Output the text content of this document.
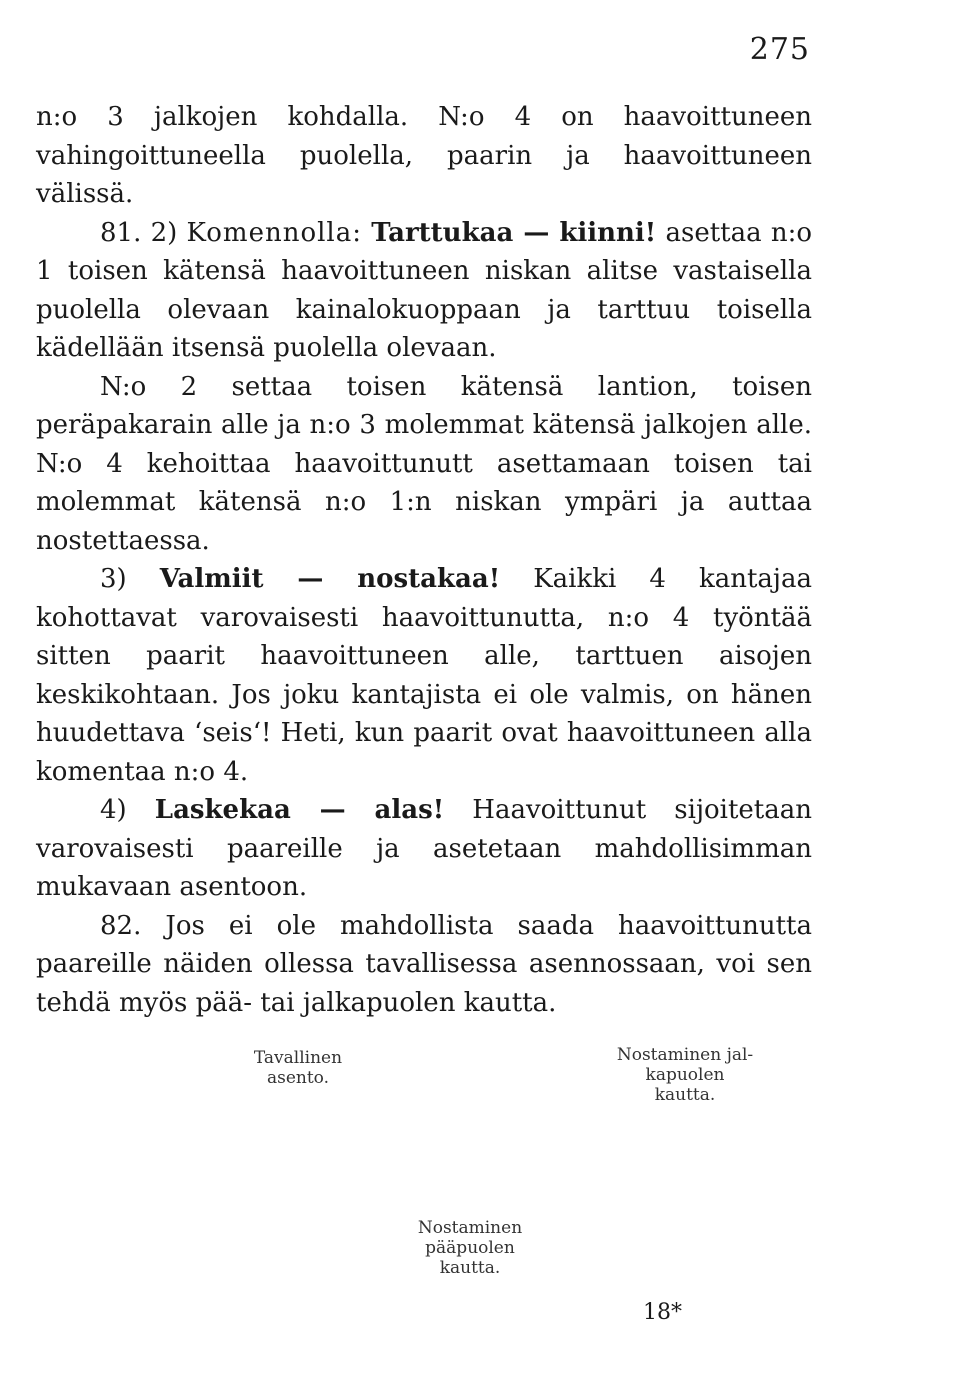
275

n:o 3 jalkojen kohdalla. N:o 4 on haavoittuneen vahingoittuneella puolella, paarin ja haavoittuneen välissä.

81. 2) Komennolla: Tarttukaa — kiinni! asettaa n:o 1 toisen kätensä haavoittuneen niskan alitse vastaisella puolella olevaan kainalokuoppaan ja tarttuu toisella kädellään itsensä puolella olevaan.

N:o 2 settaa toisen kätensä lantion, toisen peräpakarain alle ja n:o 3 molemmat kätensä jalkojen alle. N:o 4 kehoittaa haavoittunutt asettamaan toisen tai molemmat kätensä n:o 1:n niskan ympäri ja auttaa nostettaessa.

3) Valmiit — nostakaa! Kaikki 4 kantajaa kohottavat varovaisesti haavoittunutta, n:o 4 työntää sitten paarit haavoittuneen alle, tarttuen aisojen keskikohtaan. Jos joku kantajista ei ole valmis, on hänen huudettava ‘seis‘! Heti, kun paarit ovat haavoittuneen alla komentaa n:o 4.

4) Laskekaa — alas! Haavoittunut sijoitetaan varovaisesti paareille ja asetetaan mahdollisimman mukavaan asentoon.

82. Jos ei ole mahdollista saada haavoittunutta paareille näiden ollessa tavallisessa asennossaan, voi sen tehdä myös pää- tai jalkapuolen kautta.

Tavallinen
asento.
Nostaminen jal-
kapuolen
kautta.
Nostaminen
pääpuolen
kautta.
18*
